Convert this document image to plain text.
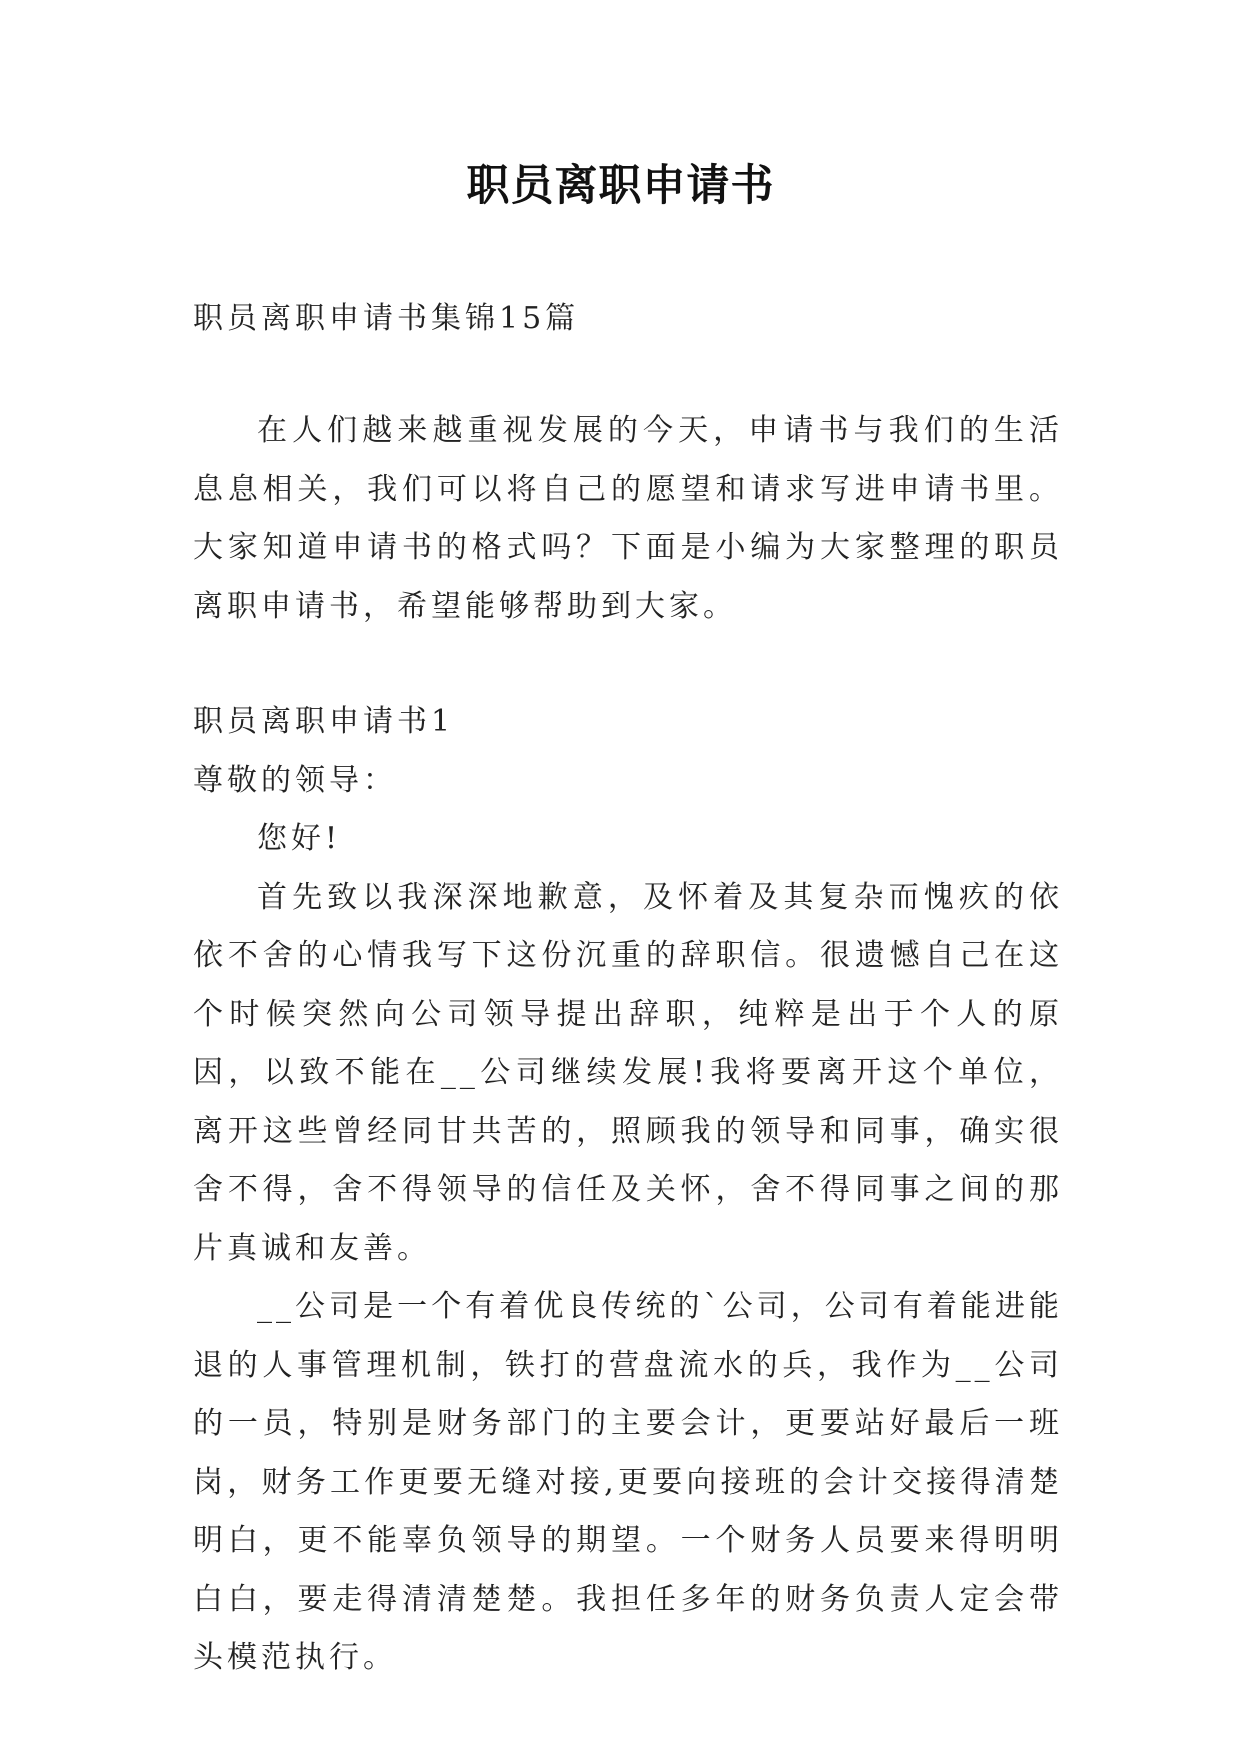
职员离职申请书

职员离职申请书集锦15篇

在人们越来越重视发展的今天，申请书与我们的生活息息相关，我们可以将自己的愿望和请求写进申请书里。大家知道申请书的格式吗？下面是小编为大家整理的职员离职申请书，希望能够帮助到大家。

职员离职申请书1

尊敬的领导：

您好!

首先致以我深深地歉意，及怀着及其复杂而愧疚的依依不舍的心情我写下这份沉重的辞职信。很遗憾自己在这个时候突然向公司领导提出辞职，纯粹是出于个人的原因，以致不能在__公司继续发展!我将要离开这个单位，离开这些曾经同甘共苦的，照顾我的领导和同事，确实很舍不得，舍不得领导的信任及关怀，舍不得同事之间的那片真诚和友善。

__公司是一个有着优良传统的`公司，公司有着能进能退的人事管理机制，铁打的营盘流水的兵，我作为__公司的一员，特别是财务部门的主要会计，更要站好最后一班岗，财务工作更要无缝对接,更要向接班的会计交接得清楚明白，更不能辜负领导的期望。一个财务人员要来得明明白白，要走得清清楚楚。我担任多年的财务负责人定会带头模范执行。
